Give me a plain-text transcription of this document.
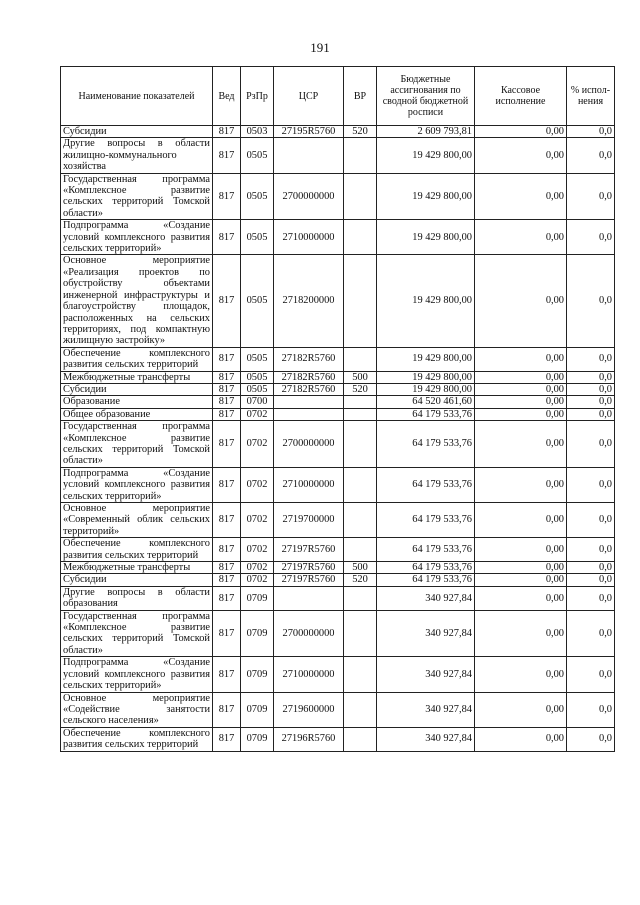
191
Наименование показателей	Вед	РзПр	ЦСР	ВР	Бюджетные ассигнования по сводной бюджетной росписи	Кассовое исполнение	% испол-нения
Субсидии	817	0503	27195R5760	520	2 609 793,81	0,00	0,0
Другие вопросы в области жилищно-коммунального хозяйства	817	0505			19 429 800,00	0,00	0,0
Государственная программа «Комплексное развитие сельских территорий Томской области»	817	0505	2700000000		19 429 800,00	0,00	0,0
Подпрограмма «Создание условий комплексного развития сельских территорий»	817	0505	2710000000		19 429 800,00	0,00	0,0
Основное мероприятие «Реализация проектов по обустройству объектами инженерной инфраструктуры и благоустройству площадок, расположенных на сельских территориях, под компактную жилищную застройку»	817	0505	2718200000		19 429 800,00	0,00	0,0
Обеспечение комплексного развития сельских территорий	817	0505	27182R5760		19 429 800,00	0,00	0,0
Межбюджетные трансферты	817	0505	27182R5760	500	19 429 800,00	0,00	0,0
Субсидии	817	0505	27182R5760	520	19 429 800,00	0,00	0,0
Образование	817	0700			64 520 461,60	0,00	0,0
Общее образование	817	0702			64 179 533,76	0,00	0,0
Государственная программа «Комплексное развитие сельских территорий Томской области»	817	0702	2700000000		64 179 533,76	0,00	0,0
Подпрограмма «Создание условий комплексного развития сельских территорий»	817	0702	2710000000		64 179 533,76	0,00	0,0
Основное мероприятие «Современный облик сельских территорий»	817	0702	2719700000		64 179 533,76	0,00	0,0
Обеспечение комплексного развития сельских территорий	817	0702	27197R5760		64 179 533,76	0,00	0,0
Межбюджетные трансферты	817	0702	27197R5760	500	64 179 533,76	0,00	0,0
Субсидии	817	0702	27197R5760	520	64 179 533,76	0,00	0,0
Другие вопросы в области образования	817	0709			340 927,84	0,00	0,0
Государственная программа «Комплексное развитие сельских территорий Томской области»	817	0709	2700000000		340 927,84	0,00	0,0
Подпрограмма «Создание условий комплексного развития сельских территорий»	817	0709	2710000000		340 927,84	0,00	0,0
Основное мероприятие «Содействие занятости сельского населения»	817	0709	2719600000		340 927,84	0,00	0,0
Обеспечение комплексного развития сельских территорий	817	0709	27196R5760		340 927,84	0,00	0,0
